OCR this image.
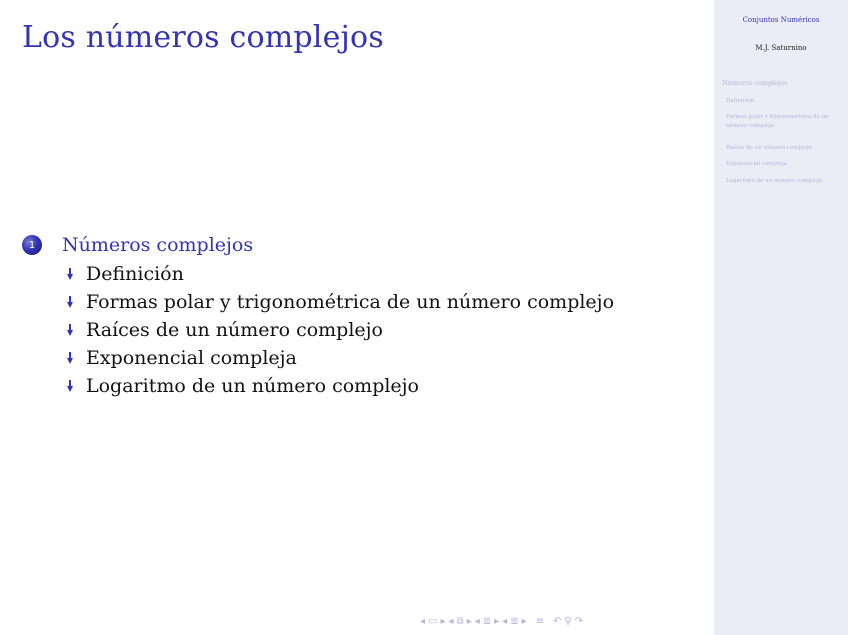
Los números complejos
1	Números complejos
Definición
Formas polar y trigonométrica de un número complejo
Raíces de un número complejo
Exponencial compleja
Logaritmo de un número complejo
◂ ▭ ▸ ◂ ⧉ ▸ ◂ ≣ ▸ ◂ ≣ ▸ ≡ ↶ ⚲ ↷
Conjuntos Numéricos
M.J. Saturnino
Números complejos
Definición
Formas polar y trigonométrica de un número complejo
Raíces de un número complejo
Exponencial compleja
Logaritmo de un número complejo
